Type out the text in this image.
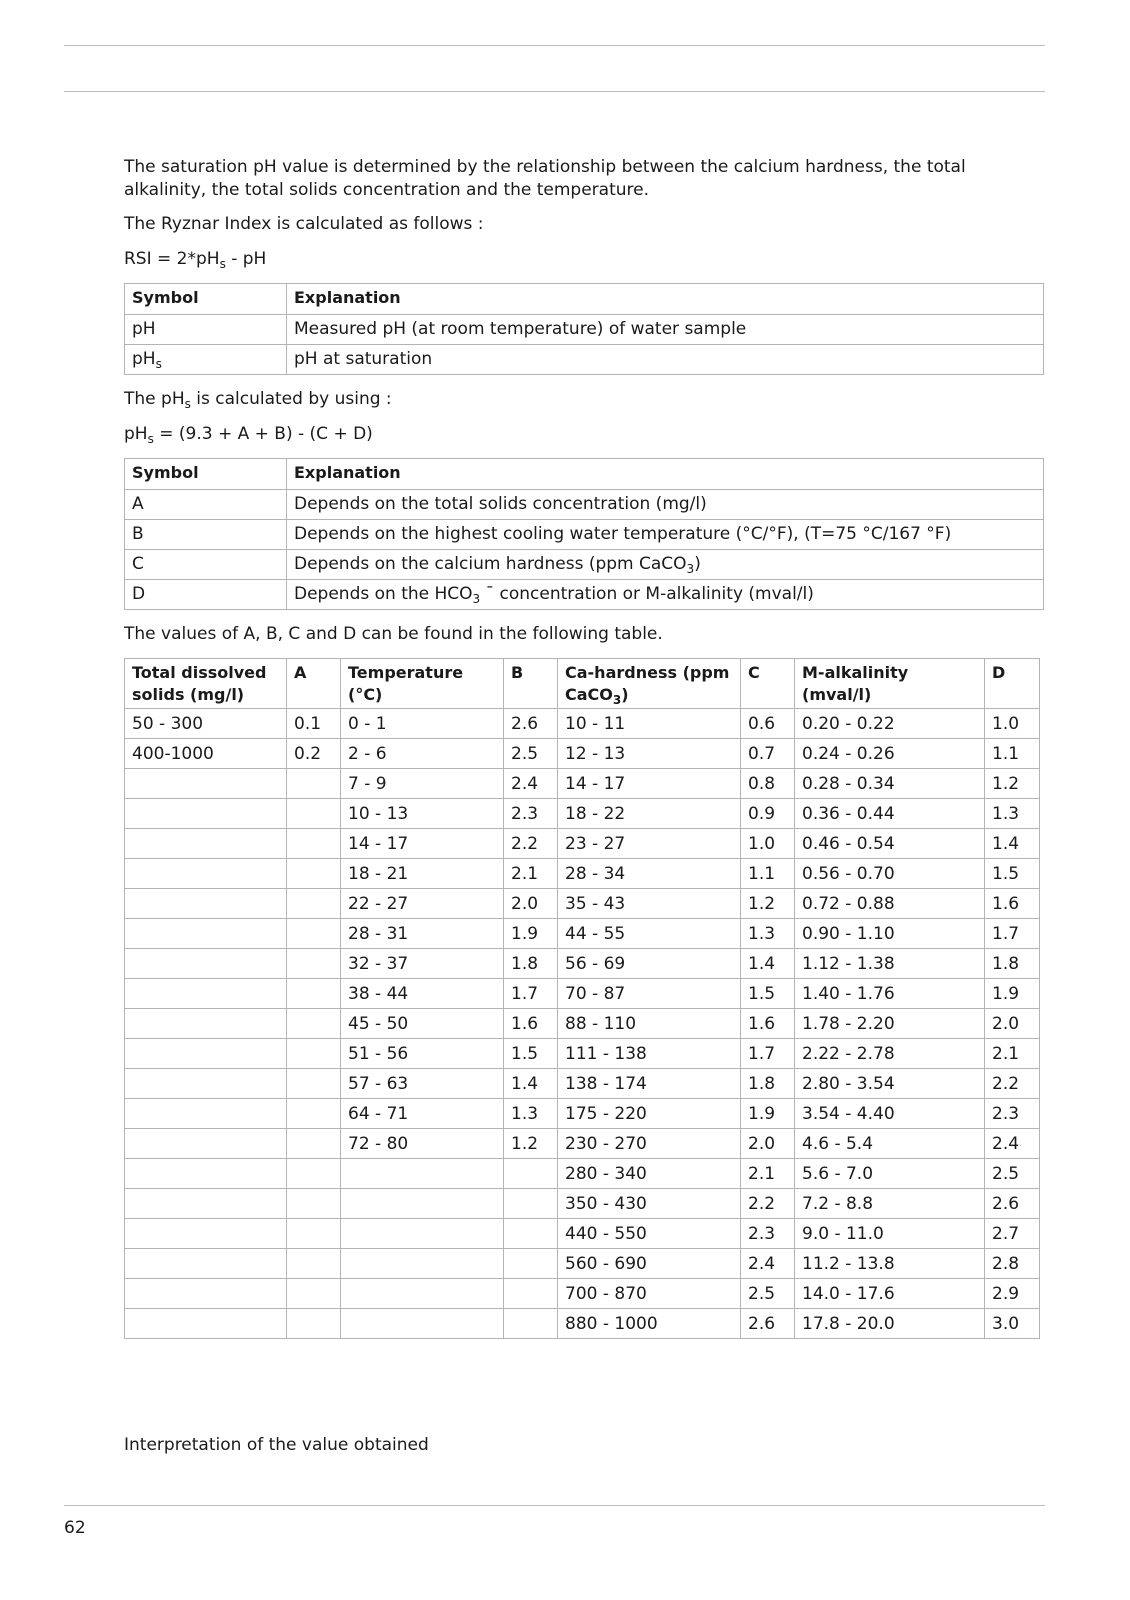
The saturation pH value is determined by the relationship between the calcium hardness, the total alkalinity, the total solids concentration and the temperature.

The Ryznar Index is calculated as follows :

RSI = $2*pH_s$ - pH

Symbol	Explanation
pH	Measured pH (at room temperature) of water sample
$pH_s$	pH at saturation

The $pH_s$ is calculated by using :

$pH_s = (9.3 + A + B) - (C + D)$

Symbol	Explanation
A	Depends on the total solids concentration (mg/l)
B	Depends on the highest cooling water temperature (°C/°F), (T=75 °C/167 °F)
C	Depends on the calcium hardness (ppm CaCO$_3$)
D	Depends on the $HCO_3$ ¯ concentration or M-alkalinity (mval/l)

The values of A, B, C and D can be found in the following table.

Total dissolved solids (mg/l)	A	Temperature (°C)	B	Ca-hardness (ppm CaCO$_3$)	C	M-alkalinity (mval/l)	D
50 - 300	0.1	0 - 1	2.6	10 - 11	0.6	0.20 - 0.22	1.0
400-1000	0.2	2 - 6	2.5	12 - 13	0.7	0.24 - 0.26	1.1
		7 - 9	2.4	14 - 17	0.8	0.28 - 0.34	1.2
		10 - 13	2.3	18 - 22	0.9	0.36 - 0.44	1.3
		14 - 17	2.2	23 - 27	1.0	0.46 - 0.54	1.4
		18 - 21	2.1	28 - 34	1.1	0.56 - 0.70	1.5
		22 - 27	2.0	35 - 43	1.2	0.72 - 0.88	1.6
		28 - 31	1.9	44 - 55	1.3	0.90 - 1.10	1.7
		32 - 37	1.8	56 - 69	1.4	1.12 - 1.38	1.8
		38 - 44	1.7	70 - 87	1.5	1.40 - 1.76	1.9
		45 - 50	1.6	88 - 110	1.6	1.78 - 2.20	2.0
		51 - 56	1.5	111 - 138	1.7	2.22 - 2.78	2.1
		57 - 63	1.4	138 - 174	1.8	2.80 - 3.54	2.2
		64 - 71	1.3	175 - 220	1.9	3.54 - 4.40	2.3
		72 - 80	1.2	230 - 270	2.0	4.6 - 5.4	2.4
				280 - 340	2.1	5.6 - 7.0	2.5
				350 - 430	2.2	7.2 - 8.8	2.6
				440 - 550	2.3	9.0 - 11.0	2.7
				560 - 690	2.4	11.2 - 13.8	2.8
				700 - 870	2.5	14.0 - 17.6	2.9
				880 - 1000	2.6	17.8 - 20.0	3.0

Interpretation of the value obtained

62
